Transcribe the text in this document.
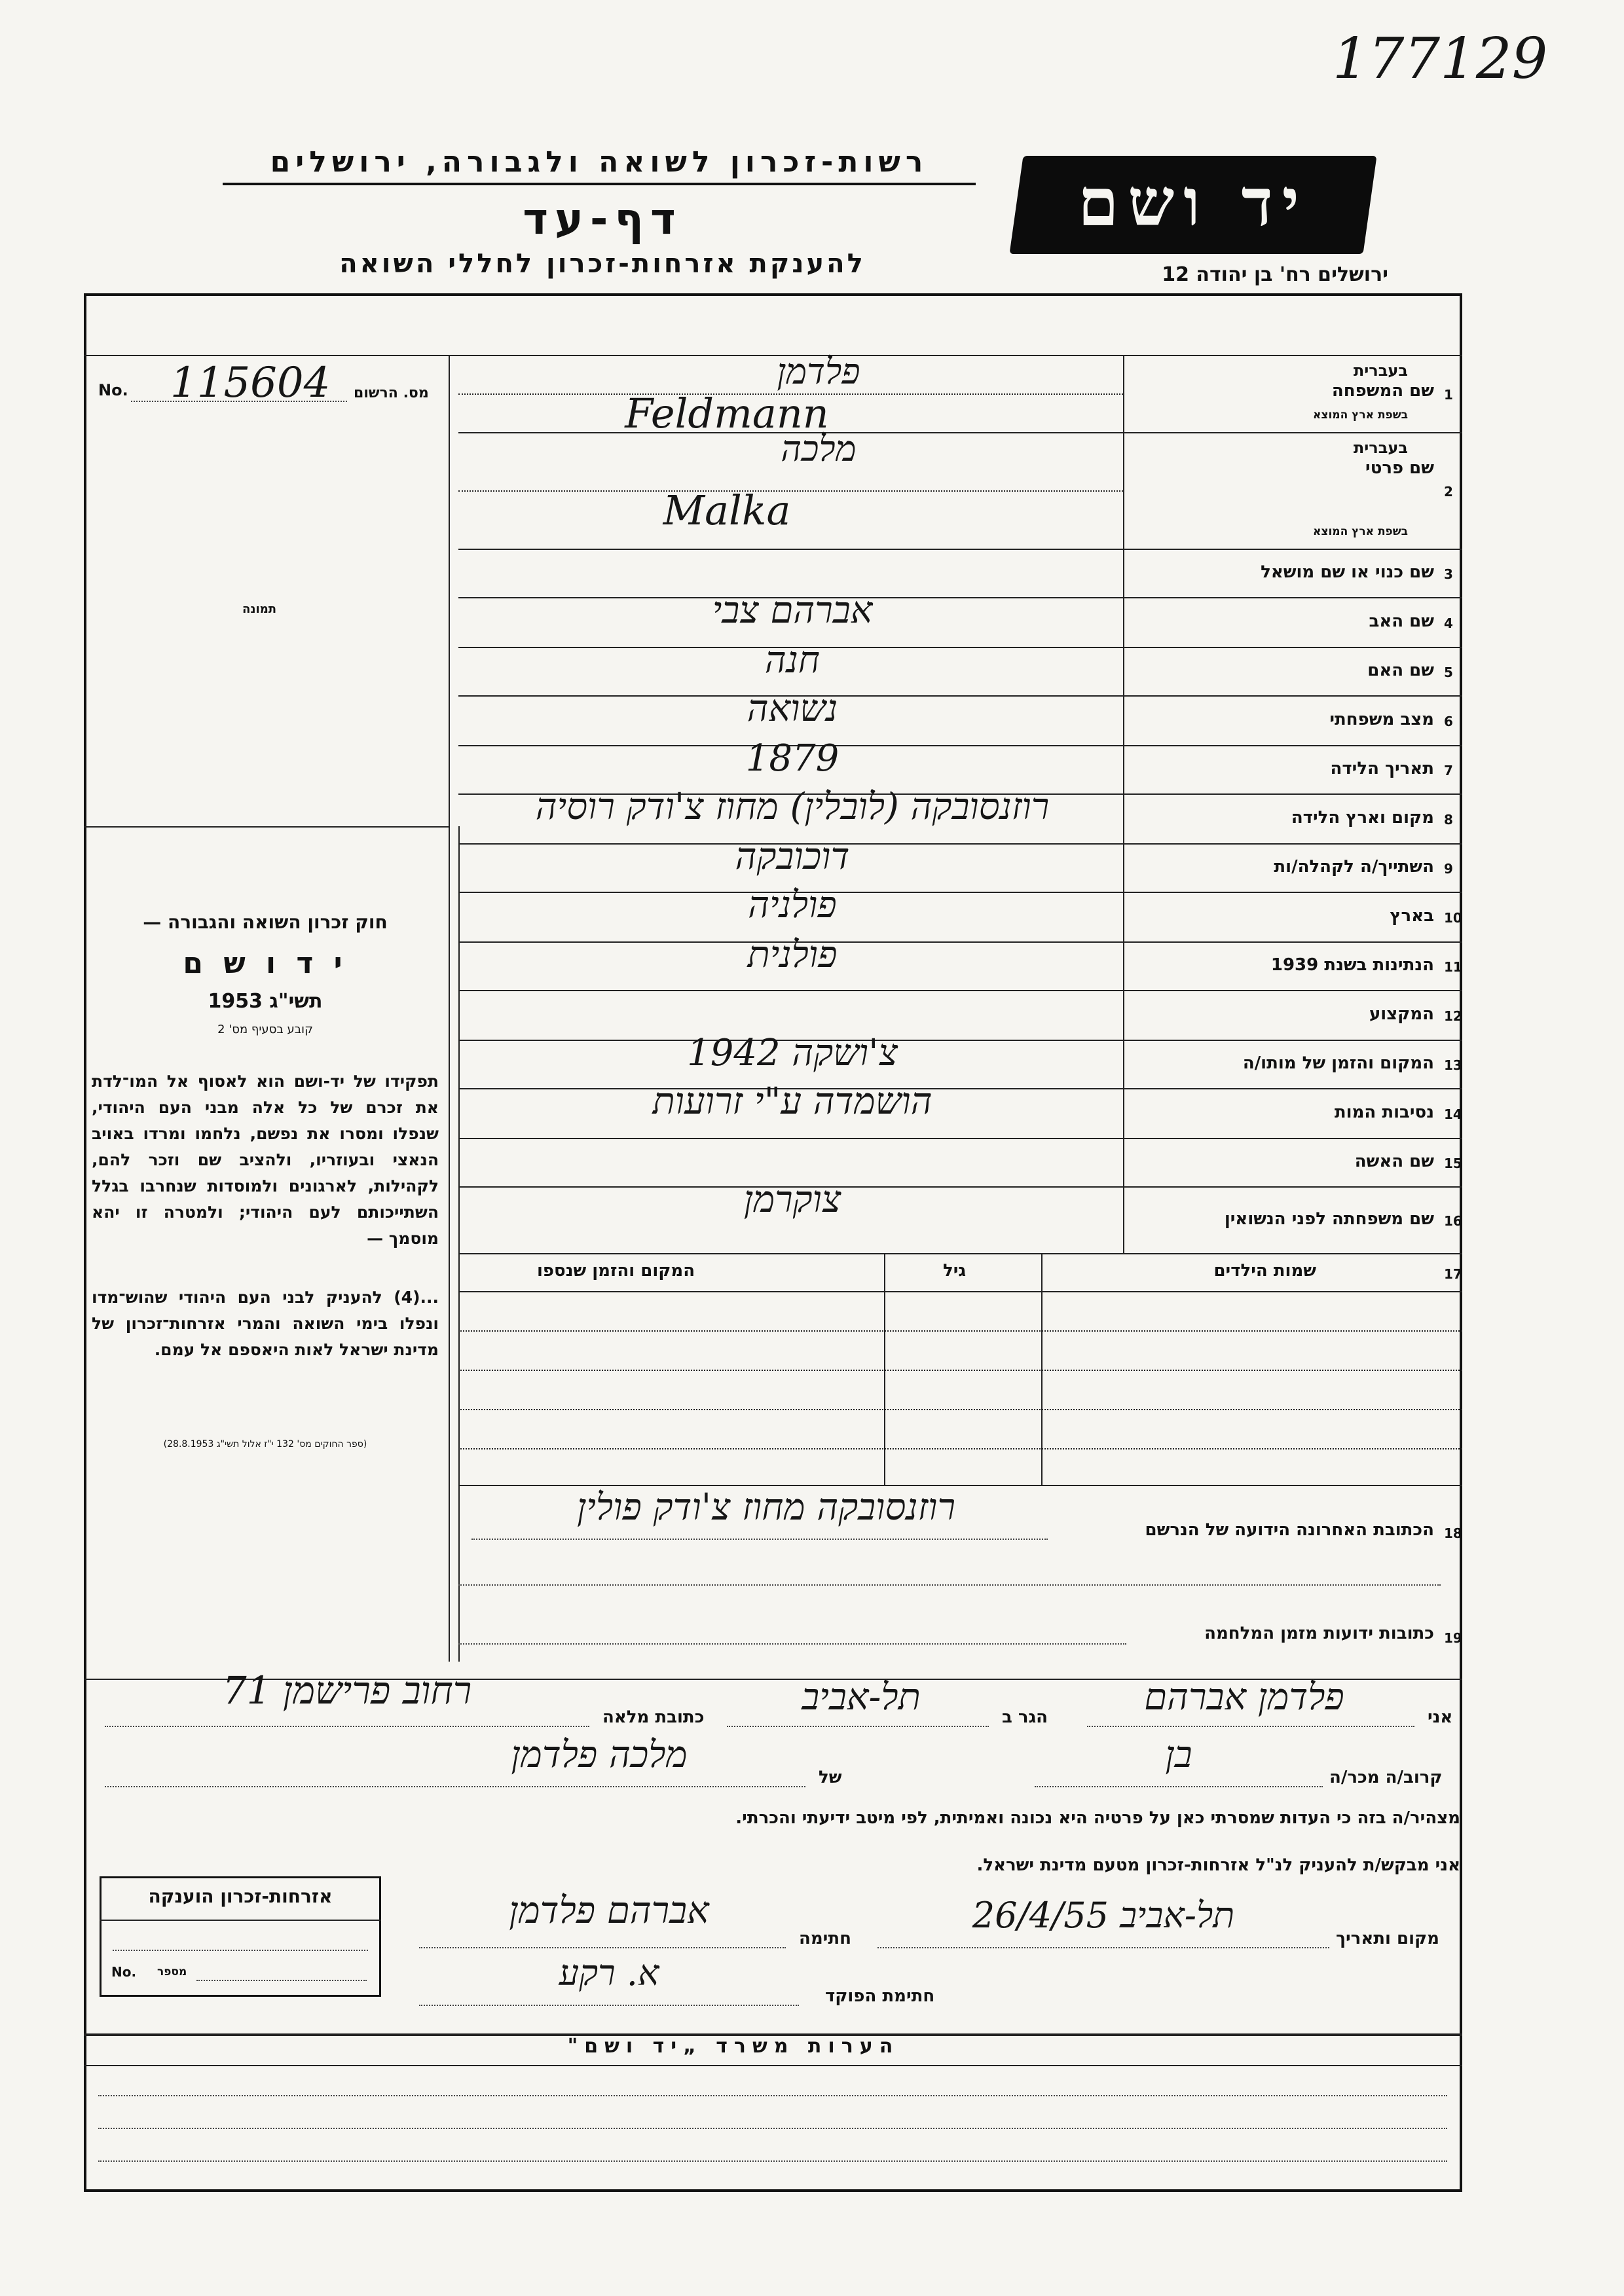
177129
רשות-זכרון לשואה ולגבורה, ירושלים
דף-עד
להענקת אזרחות-זכרון לחללי השואה
יד ושם
ירושלים רח' בן יהודה 12
No. 115604 מס. הרשום
תמונה
חוק זכרון השואה והגבורה —
י ד ו ש ם
תשי"ג 1953
קובע בסעיף מס' 2
תפקידו של יד-ושם הוא לאסוף אל המו־לדת את זכרם של כל אלה מבני העם היהודי, שנפלו ומסרו את נפשם, נלחמו ומרדו באויב הנאצי ובעוזריו, ולהציב שם וזכר להם, לקהילות, לארגונים ולמוסדות שנחרבו בגלל השתייכותם לעם היהודי; ולמטרה זו יהא מוסמך —
...(4) להעניק לבני העם היהודי שהוש־מדו ונפלו בימי השואה והמרי אזרחות־זכרון של מדינת ישראל לאות היאספם אל עמם.
(ספר החוקים מס' 132 י"ז אלול תשי"ג 28.8.1953)
1
שם המשפחה
בעברית
בשפת ארץ המוצא
פלדמן
Feldmann
2
שם פרטי
בעברית
בשפת ארץ המוצא
מלכה
Malka
3
שם כנוי או שם מושאל
4
שם האב
אברהם צבי
5
שם האם
חנה
6
מצב משפחתי
נשואה
7
תאריך הלידה
1879
8
מקום וארץ הלידה
רוזנסובקה (לובלין) מחוז צ'ודק רוסיה
9
השתייך/ה לקהלה/ות
דוכובקה
10
בארץ
פולניה
11
הנתינות בשנת 1939
פולנית
12
המקצוע
13
המקום והזמן של מותו/ה
צ'ושקה 1942
14
נסיבות המות
הושמדה ע"י זרועות
15
שם האשה
16
שם משפחתה לפני הנשואין
צוקרמן
שמות הילדים	17
גיל
המקום והזמן שנספו
18
הכתובת האחרונה הידועה של הנרשם
רוזנסובקה מחוז צ'ודק פולין
19
כתובות ידועות מזמן המלחמה
אני
פלדמן אברהם
הגר ב
תל-אביב
כתובת מלאה
רחוב פרישמן 71
קרוב/ה מכר/ה
בן
של
מלכה פלדמן
מצהיר/ה בזה כי העדות שמסרתי כאן על פרטיה היא נכונה ואמיתית, לפי מיטב ידיעתי והכרתי.
אני מבקש/ת להעניק לנ"ל אזרחות-זכרון מטעם מדינת ישראל.
מקום ותאריך
תל-אביב 26/4/55
חתימה
אברהם פלדמן
חתימת הפוקד
א. רקע
אזרחות-זכרון הוענקה
No. מספר
הערות משרד „יד ושם"
